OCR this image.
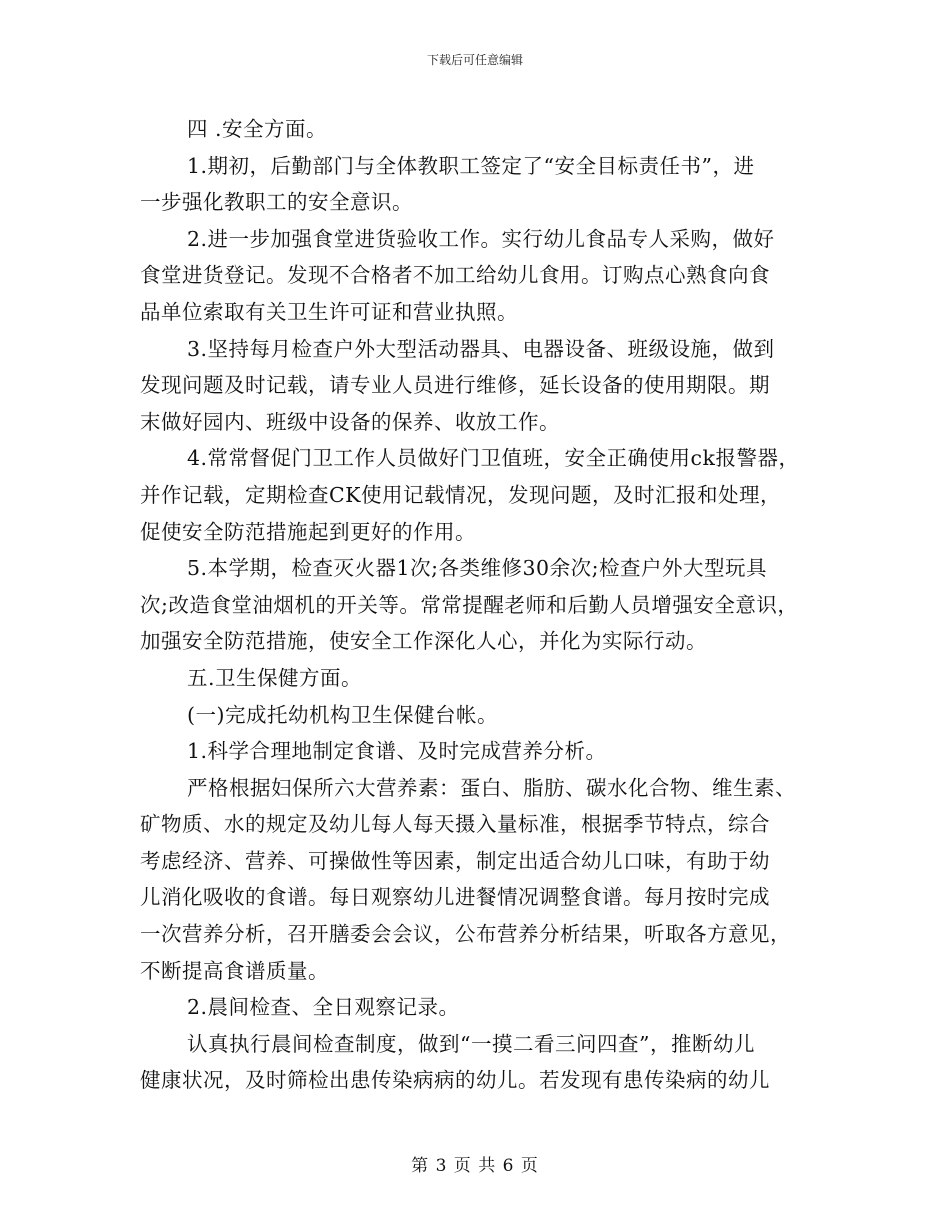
下载后可任意编辑

四 .安全方面。

1.期初，后勤部门与全体教职工签定了“安全目标责任书”，进

一步强化教职工的安全意识。

2.进一步加强食堂进货验收工作。实行幼儿食品专人采购，做好

食堂进货登记。发现不合格者不加工给幼儿食用。订购点心熟食向食

品单位索取有关卫生许可证和营业执照。

3.坚持每月检查户外大型活动器具、电器设备、班级设施，做到

发现问题及时记载，请专业人员进行维修，延长设备的使用期限。期

末做好园内、班级中设备的保养、收放工作。

4.常常督促门卫工作人员做好门卫值班，安全正确使用ck报警器，

并作记载，定期检查CK使用记载情况，发现问题，及时汇报和处理，

促使安全防范措施起到更好的作用。

5.本学期，检查灭火器1次;各类维修30余次;检查户外大型玩具

次;改造食堂油烟机的开关等。常常提醒老师和后勤人员增强安全意识，

加强安全防范措施，使安全工作深化人心，并化为实际行动。

五.卫生保健方面。

(一)完成托幼机构卫生保健台帐。

1.科学合理地制定食谱、及时完成营养分析。

严格根据妇保所六大营养素：蛋白、脂肪、碳水化合物、维生素、

矿物质、水的规定及幼儿每人每天摄入量标准，根据季节特点，综合

考虑经济、营养、可操做性等因素，制定出适合幼儿口味，有助于幼

儿消化吸收的食谱。每日观察幼儿进餐情况调整食谱。每月按时完成

一次营养分析，召开膳委会会议，公布营养分析结果，听取各方意见，

不断提高食谱质量。

2.晨间检查、全日观察记录。

认真执行晨间检查制度，做到“一摸二看三问四查”，推断幼儿

健康状况，及时筛检出患传染病病的幼儿。若发现有患传染病的幼儿

第 3 页 共 6 页
